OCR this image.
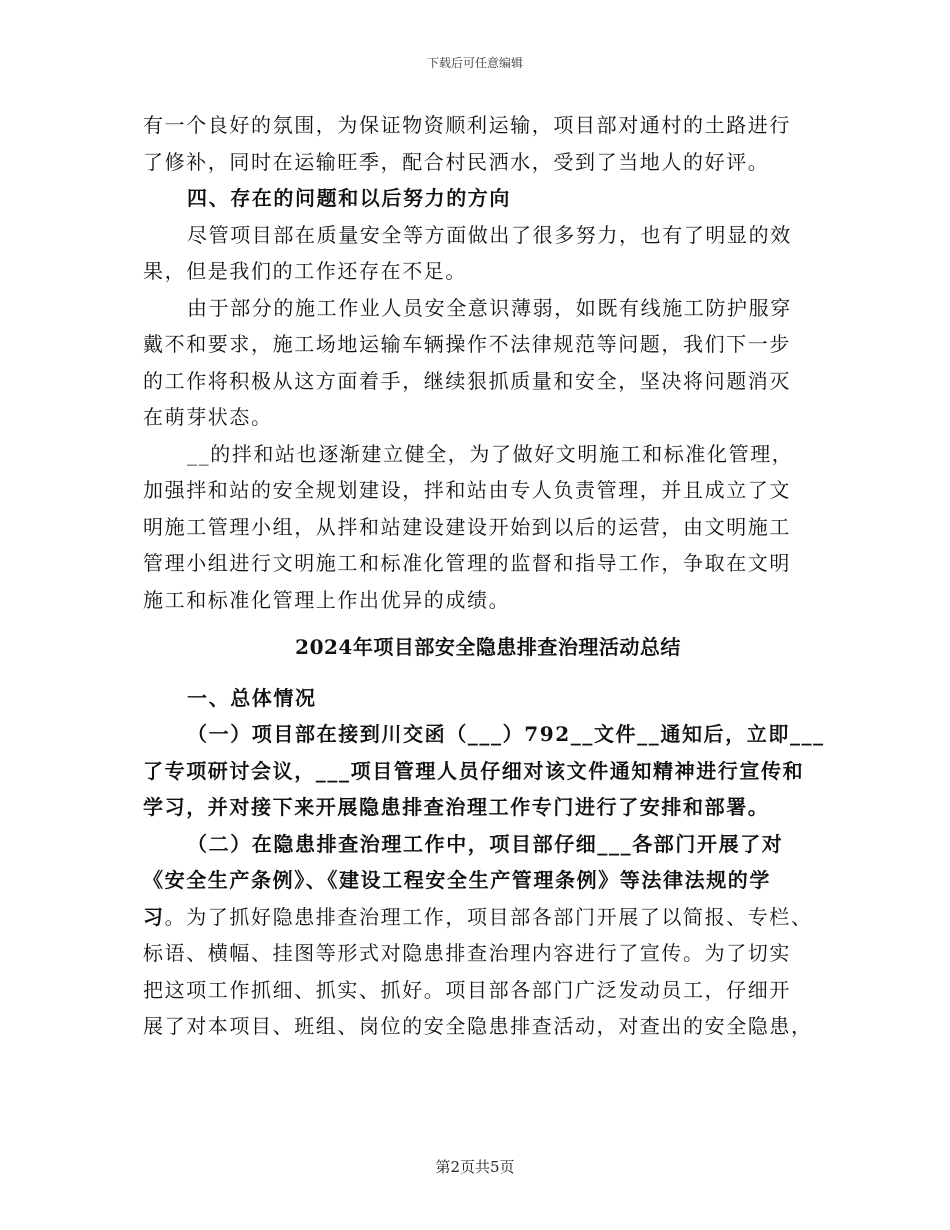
下载后可任意编辑
有一个良好的氛围，为保证物资顺利运输，项目部对通村的土路进行
了修补，同时在运输旺季，配合村民洒水，受到了当地人的好评。
四、存在的问题和以后努力的方向
尽管项目部在质量安全等方面做出了很多努力，也有了明显的效
果，但是我们的工作还存在不足。
由于部分的施工作业人员安全意识薄弱，如既有线施工防护服穿
戴不和要求，施工场地运输车辆操作不法律规范等问题，我们下一步
的工作将积极从这方面着手，继续狠抓质量和安全，坚决将问题消灭
在萌芽状态。
__的拌和站也逐渐建立健全，为了做好文明施工和标准化管理，
加强拌和站的安全规划建设，拌和站由专人负责管理，并且成立了文
明施工管理小组，从拌和站建设建设开始到以后的运营，由文明施工
管理小组进行文明施工和标准化管理的监督和指导工作，争取在文明
施工和标准化管理上作出优异的成绩。
2024年项目部安全隐患排查治理活动总结
一、总体情况
（一）项目部在接到川交函（___）792__文件__通知后，立即___
了专项研讨会议，___项目管理人员仔细对该文件通知精神进行宣传和
学习，并对接下来开展隐患排查治理工作专门进行了安排和部署。
（二）在隐患排查治理工作中，项目部仔细___各部门开展了对
《安全生产条例》、《建设工程安全生产管理条例》等法律法规的学
习。为了抓好隐患排查治理工作，项目部各部门开展了以简报、专栏、
标语、横幅、挂图等形式对隐患排查治理内容进行了宣传。为了切实
把这项工作抓细、抓实、抓好。项目部各部门广泛发动员工，仔细开
展了对本项目、班组、岗位的安全隐患排查活动，对查出的安全隐患，
第2页共5页
